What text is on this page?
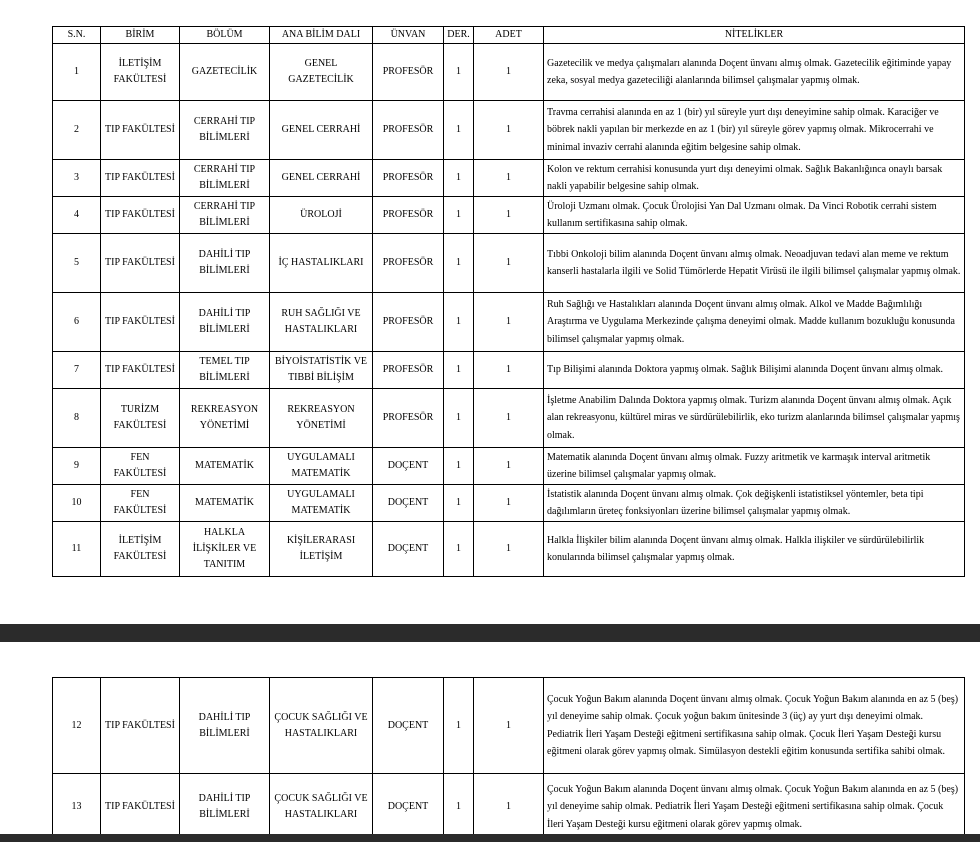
S.N.	BİRİM	BÖLÜM	ANA BİLİM DALI	ÜNVAN	DER.	ADET	NİTELİKLER
1	İLETİŞİM FAKÜLTESİ	GAZETECİLİK	GENEL GAZETECİLİK	PROFESÖR	1	1	Gazetecilik ve medya çalışmaları alanında Doçent ünvanı almış olmak. Gazetecilik eğitiminde yapay zeka, sosyal medya gazeteciliği alanlarında bilimsel çalışmalar yapmış olmak.
2	TIP FAKÜLTESİ	CERRAHİ TIP BİLİMLERİ	GENEL CERRAHİ	PROFESÖR	1	1	Travma cerrahisi alanında en az 1 (bir) yıl süreyle yurt dışı deneyimine sahip olmak. Karaciğer ve böbrek nakli yapılan bir merkezde en az 1 (bir) yıl süreyle görev yapmış olmak. Mikrocerrahi ve minimal invaziv cerrahi alanında eğitim belgesine sahip olmak.
3	TIP FAKÜLTESİ	CERRAHİ TIP BİLİMLERİ	GENEL CERRAHİ	PROFESÖR	1	1	Kolon ve rektum cerrahisi konusunda yurt dışı deneyimi olmak. Sağlık Bakanlığınca onaylı barsak nakli yapabilir belgesine sahip olmak.
4	TIP FAKÜLTESİ	CERRAHİ TIP BİLİMLERİ	ÜROLOJİ	PROFESÖR	1	1	Üroloji Uzmanı olmak. Çocuk Ürolojisi Yan Dal Uzmanı olmak. Da Vinci Robotik cerrahi sistem kullanım sertifikasına sahip olmak.
5	TIP FAKÜLTESİ	DAHİLİ TIP BİLİMLERİ	İÇ HASTALIKLARI	PROFESÖR	1	1	Tıbbi Onkoloji bilim alanında Doçent ünvanı almış olmak. Neoadjuvan tedavi alan meme ve rektum kanserli hastalarla ilgili ve Solid Tümörlerde Hepatit Virüsü ile ilgili bilimsel çalışmalar yapmış olmak.
6	TIP FAKÜLTESİ	DAHİLİ TIP BİLİMLERİ	RUH SAĞLIĞI VE HASTALIKLARI	PROFESÖR	1	1	Ruh Sağlığı ve Hastalıkları alanında Doçent ünvanı almış olmak. Alkol ve Madde Bağımlılığı Araştırma ve Uygulama Merkezinde çalışma deneyimi olmak. Madde kullanım bozukluğu konusunda bilimsel çalışmalar yapmış olmak.
7	TIP FAKÜLTESİ	TEMEL TIP BİLİMLERİ	BİYOİSTATİSTİK VE TIBBİ BİLİŞİM	PROFESÖR	1	1	Tıp Bilişimi alanında Doktora yapmış olmak. Sağlık Bilişimi alanında Doçent ünvanı almış olmak.
8	TURİZM FAKÜLTESİ	REKREASYON YÖNETİMİ	REKREASYON YÖNETİMİ	PROFESÖR	1	1	İşletme Anabilim Dalında Doktora yapmış olmak. Turizm alanında Doçent ünvanı almış olmak. Açık alan rekreasyonu, kültürel miras ve sürdürülebilirlik, eko turizm alanlarında bilimsel çalışmalar yapmış olmak.
9	FEN FAKÜLTESİ	MATEMATİK	UYGULAMALI MATEMATİK	DOÇENT	1	1	Matematik alanında Doçent ünvanı almış olmak. Fuzzy aritmetik ve karmaşık interval aritmetik üzerine bilimsel çalışmalar yapmış olmak.
10	FEN FAKÜLTESİ	MATEMATİK	UYGULAMALI MATEMATİK	DOÇENT	1	1	İstatistik alanında Doçent ünvanı almış olmak. Çok değişkenli istatistiksel yöntemler, beta tipi dağılımların üreteç fonksiyonları üzerine bilimsel çalışmalar yapmış olmak.
11	İLETİŞİM FAKÜLTESİ	HALKLA İLİŞKİLER VE TANITIM	KİŞİLERARASI İLETİŞİM	DOÇENT	1	1	Halkla İlişkiler bilim alanında Doçent ünvanı almış olmak. Halkla ilişkiler ve sürdürülebilirlik konularında bilimsel çalışmalar yapmış olmak.
12	TIP FAKÜLTESİ	DAHİLİ TIP BİLİMLERİ	ÇOCUK SAĞLIĞI VE HASTALIKLARI	DOÇENT	1	1	Çocuk Yoğun Bakım alanında Doçent ünvanı almış olmak. Çocuk Yoğun Bakım alanında en az 5 (beş) yıl deneyime sahip olmak. Çocuk yoğun bakım ünitesinde 3 (üç) ay yurt dışı deneyimi olmak. Pediatrik İleri Yaşam Desteği eğitmeni sertifikasına sahip olmak. Çocuk İleri Yaşam Desteği kursu eğitmeni olarak görev yapmış olmak. Simülasyon destekli eğitim konusunda sertifika sahibi olmak.
13	TIP FAKÜLTESİ	DAHİLİ TIP BİLİMLERİ	ÇOCUK SAĞLIĞI VE HASTALIKLARI	DOÇENT	1	1	Çocuk Yoğun Bakım alanında Doçent ünvanı almış olmak. Çocuk Yoğun Bakım alanında en az 5 (beş) yıl deneyime sahip olmak. Pediatrik İleri Yaşam Desteği eğitmeni sertifikasına sahip olmak. Çocuk İleri Yaşam Desteği kursu eğitmeni olarak görev yapmış olmak.
